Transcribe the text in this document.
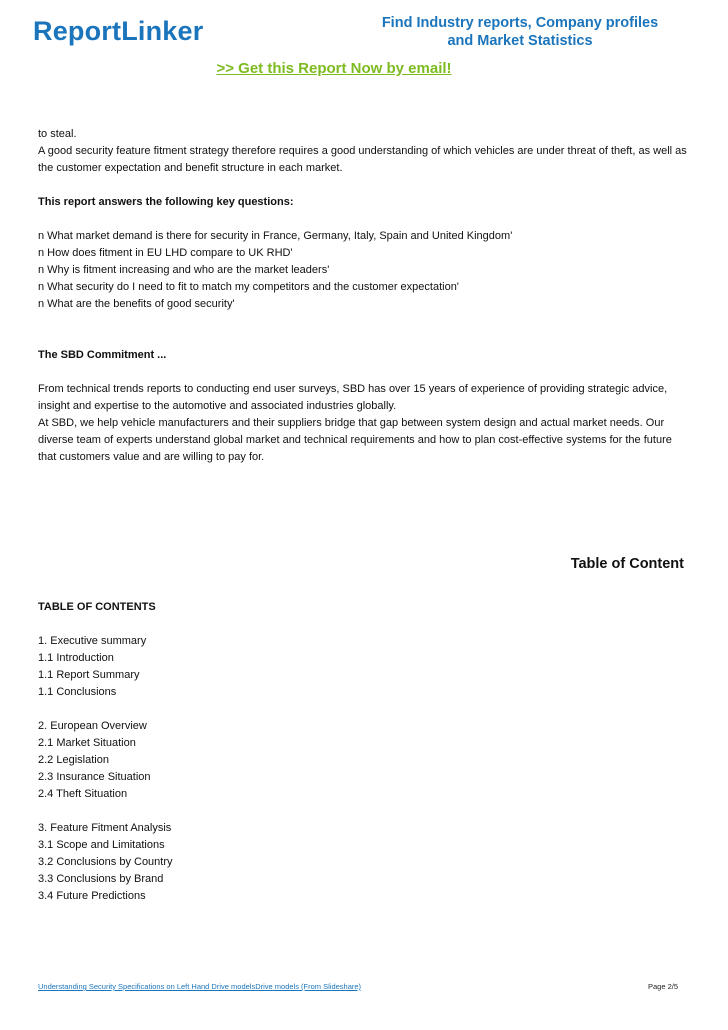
ReportLinker	Find Industry reports, Company profiles
and Market Statistics
>> Get this Report Now by email!

to steal.

A good security feature fitment strategy therefore requires a good understanding of which vehicles are under threat of theft, as well as the customer expectation and benefit structure in each market.

This report answers the following key questions:

n What market demand is there for security in France, Germany, Italy, Spain and United Kingdom'

n How does fitment in EU LHD compare to UK RHD'

n Why is fitment increasing and who are the market leaders'

n What security do I need to fit to match my competitors and the customer expectation'

n What are the benefits of good security'

The SBD Commitment ...

From technical trends reports to conducting end user surveys, SBD has over 15 years of experience of providing strategic advice, insight and expertise to the automotive and associated industries globally.

At SBD, we help vehicle manufacturers and their suppliers bridge that gap between system design and actual market needs. Our diverse team of experts understand global market and technical requirements and how to plan cost-effective systems for the future that customers value and are willing to pay for.

Table of Content

TABLE OF CONTENTS

1. Executive summary

1.1 Introduction

1.1 Report Summary

1.1 Conclusions

2. European Overview

2.1 Market Situation

2.2 Legislation

2.3 Insurance Situation

2.4 Theft Situation

3. Feature Fitment Analysis

3.1 Scope and Limitations

3.2 Conclusions by Country

3.3 Conclusions by Brand

3.4 Future Predictions

Understanding Security Specifications on Left Hand Drive modelsDrive models (From Slideshare)	Page 2/5
